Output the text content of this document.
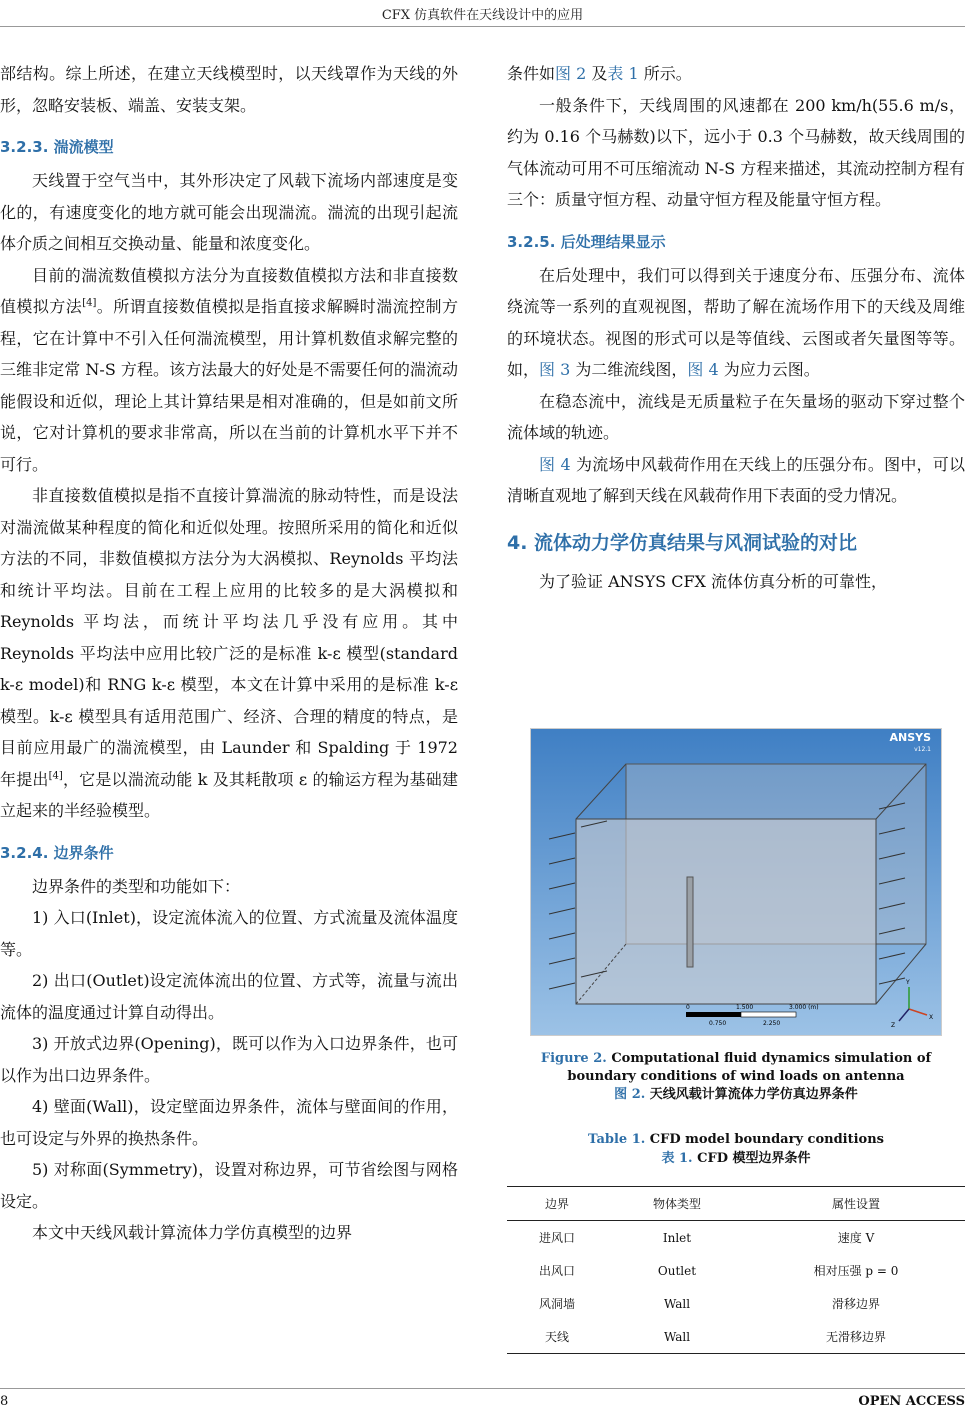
CFX 仿真软件在天线设计中的应用

部结构。综上所述，在建立天线模型时，以天线罩作为天线的外形，忽略安装板、端盖、安装支架。

3.2.3. 湍流模型

天线置于空气当中，其外形决定了风载下流场内部速度是变化的，有速度变化的地方就可能会出现湍流。湍流的出现引起流体介质之间相互交换动量、能量和浓度变化。

目前的湍流数值模拟方法分为直接数值模拟方法和非直接数值模拟方法[4]。所谓直接数值模拟是指直接求解瞬时湍流控制方程，它在计算中不引入任何湍流模型，用计算机数值求解完整的三维非定常 N-S 方程。该方法最大的好处是不需要任何的湍流动能假设和近似，理论上其计算结果是相对准确的，但是如前文所说，它对计算机的要求非常高，所以在当前的计算机水平下并不可行。

非直接数值模拟是指不直接计算湍流的脉动特性，而是设法对湍流做某种程度的简化和近似处理。按照所采用的简化和近似方法的不同，非数值模拟方法分为大涡模拟、Reynolds 平均法和统计平均法。目前在工程上应用的比较多的是大涡模拟和 Reynolds 平均法，而统计平均法几乎没有应用。其中 Reynolds 平均法中应用比较广泛的是标准 k-ε 模型(standard k-ε model)和 RNG k-ε 模型，本文在计算中采用的是标准 k-ε 模型。k-ε 模型具有适用范围广、经济、合理的精度的特点，是目前应用最广的湍流模型，由 Launder 和 Spalding 于 1972 年提出[4]，它是以湍流动能 k 及其耗散项 ε 的输运方程为基础建立起来的半经验模型。

3.2.4. 边界条件

边界条件的类型和功能如下：

1) 入口(Inlet)，设定流体流入的位置、方式流量及流体温度等。

2) 出口(Outlet)设定流体流出的位置、方式等，流量与流出流体的温度通过计算自动得出。

3) 开放式边界(Opening)，既可以作为入口边界条件，也可以作为出口边界条件。

4) 壁面(Wall)，设定壁面边界条件，流体与壁面间的作用，也可设定与外界的换热条件。

5) 对称面(Symmetry)，设置对称边界，可节省绘图与网格设定。

本文中天线风载计算流体力学仿真模型的边界

条件如图 2 及表 1 所示。

一般条件下，天线周围的风速都在 200 km/h(55.6 m/s，约为 0.16 个马赫数)以下，远小于 0.3 个马赫数，故天线周围的气体流动可用不可压缩流动 N-S 方程来描述，其流动控制方程有三个：质量守恒方程、动量守恒方程及能量守恒方程。

3.2.5. 后处理结果显示

在后处理中，我们可以得到关于速度分布、压强分布、流体绕流等一系列的直观视图，帮助了解在流场作用下的天线及周维的环境状态。视图的形式可以是等值线、云图或者矢量图等等。如，图 3 为二维流线图，图 4 为应力云图。

在稳态流中，流线是无质量粒子在矢量场的驱动下穿过整个流体域的轨迹。

图 4 为流场中风载荷作用在天线上的压强分布。图中，可以清晰直观地了解到天线在风载荷作用下表面的受力情况。

4. 流体动力学仿真结果与风洞试验的对比

为了验证 ANSYS CFX 流体仿真分析的可靠性，

ANSYS
v12.1
0	1.500	3.000 (m)
0.750	2.250
Y
X
Z
Figure 2. Computational fluid dynamics simulation of boundary conditions of wind loads on antenna
图 2. 天线风载计算流体力学仿真边界条件
Table 1. CFD model boundary conditions
表 1. CFD 模型边界条件
边界	物体类型	属性设置
进风口	Inlet	速度 V
出风口	Outlet	相对压强 p = 0
风洞墙	Wall	滑移边界
天线	Wall	无滑移边界
8	OPEN ACCESS
